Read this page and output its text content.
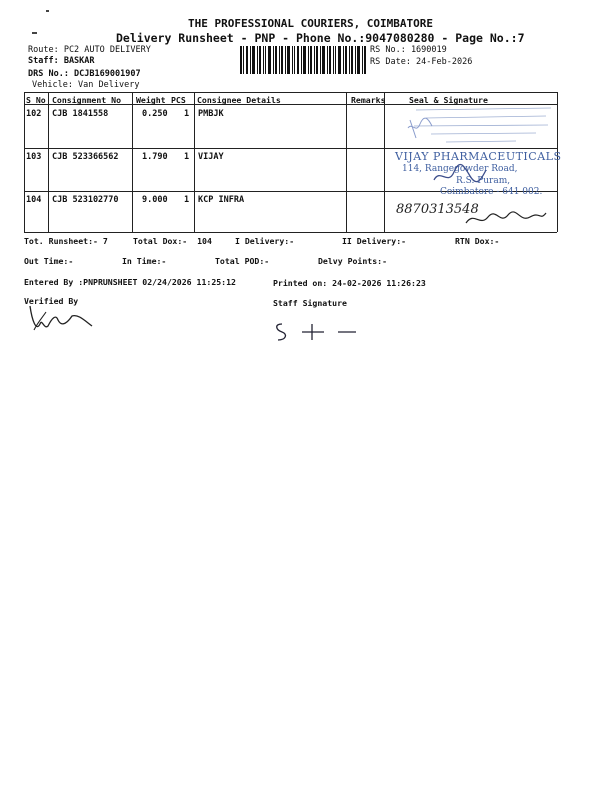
THE PROFESSIONAL COURIERS, COIMBATORE
Delivery Runsheet - PNP - Phone No.:9047080280 - Page No.:7
Route: PC2 AUTO DELIVERY
Staff: BASKAR
DRS No.: DCJB169001907
Vehicle: Van Delivery
RS No.: 1690019
RS Date: 24-Feb-2026
S No Consignment No Weight PCS Consignee Details	Remarks	Seal & Signature
102 CJB 1841558	0.250 1 PMBJK
103 CJB 523366562	1.790 1 VIJAY
104 CJB 523102770	9.000 1 KCP INFRA
VIJAY PHARMACEUTICALS
114, Rangegowder Road,
R.S. Puram,
Coimbatore - 641 002.
8870313548
Tot. Runsheet:- 7	Total Dox:-  104	I Delivery:-	II Delivery:-	RTN Dox:-
Out Time:-	In Time:-	Total POD:-	Delvy Points:-
Entered By :PNPRUNSHEET 02/24/2026 11:25:12	Printed on: 24-02-2026 11:26:23
Verified By	Staff Signature
